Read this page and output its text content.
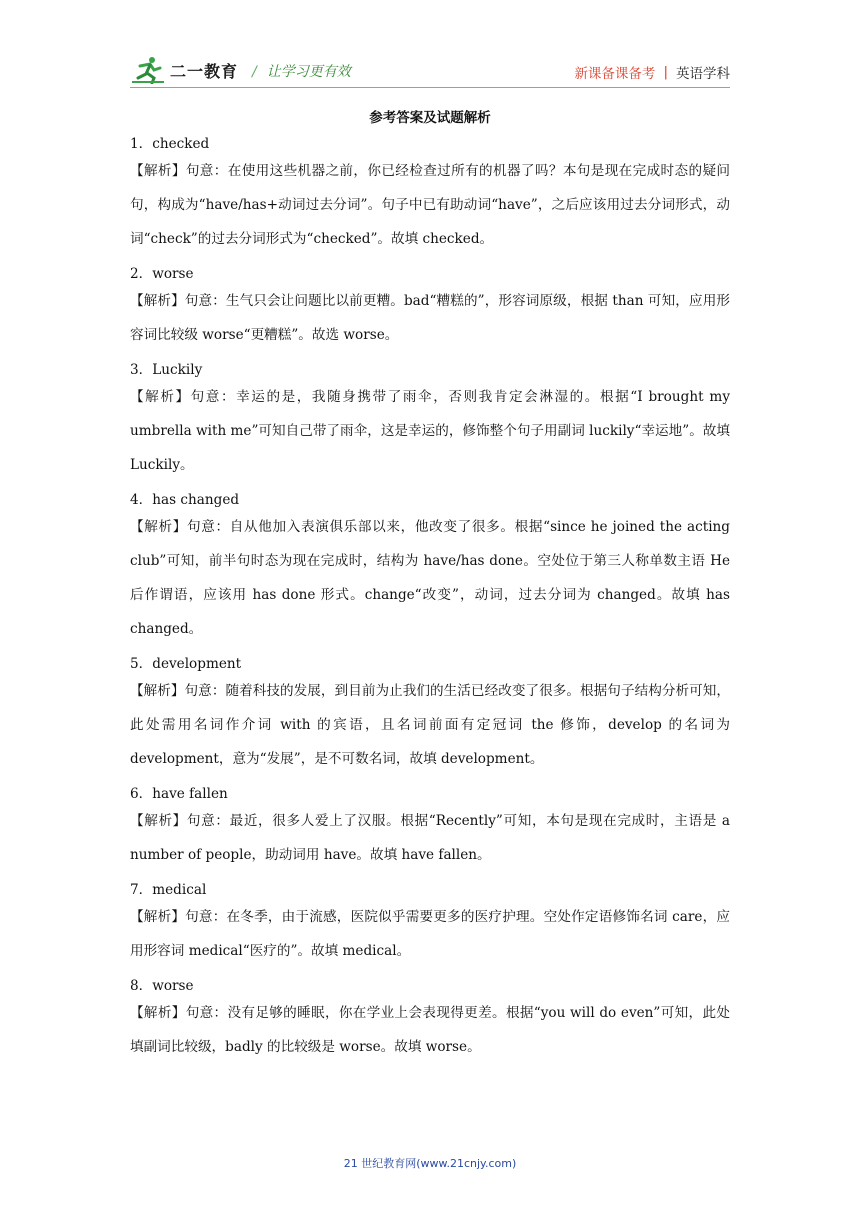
二一教育 / 让学习更有效	新课备课备考 | 英语学科
参考答案及试题解析

1．checked

【解析】句意：在使用这些机器之前，你已经检查过所有的机器了吗？本句是现在完成时态的疑问句，构成为“have/has+动词过去分词”。句子中已有助动词“have”，之后应该用过去分词形式，动词“check”的过去分词形式为“checked”。故填 checked。

2．worse

【解析】句意：生气只会让问题比以前更糟。bad“糟糕的”，形容词原级，根据 than 可知，应用形容词比较级 worse“更糟糕”。故选 worse。

3．Luckily

【解析】句意：幸运的是，我随身携带了雨伞，否则我肯定会淋湿的。根据“I brought my umbrella with me”可知自己带了雨伞，这是幸运的，修饰整个句子用副词 luckily“幸运地”。故填 Luckily。

4．has changed

【解析】句意：自从他加入表演俱乐部以来，他改变了很多。根据“since he joined the acting club”可知，前半句时态为现在完成时，结构为 have/has done。空处位于第三人称单数主语 He 后作谓语，应该用 has done 形式。change“改变”，动词，过去分词为 changed。故填 has changed。

5．development

【解析】句意：随着科技的发展，到目前为止我们的生活已经改变了很多。根据句子结构分析可知，此处需用名词作介词 with 的宾语，且名词前面有定冠词 the 修饰，develop 的名词为 development，意为“发展”，是不可数名词，故填 development。

6．have fallen

【解析】句意：最近，很多人爱上了汉服。根据“Recently”可知，本句是现在完成时，主语是 a number of people，助动词用 have。故填 have fallen。

7．medical

【解析】句意：在冬季，由于流感，医院似乎需要更多的医疗护理。空处作定语修饰名词 care，应用形容词 medical“医疗的”。故填 medical。

8．worse

【解析】句意：没有足够的睡眠，你在学业上会表现得更差。根据“you will do even”可知，此处填副词比较级，badly 的比较级是 worse。故填 worse。

21 世纪教育网(www.21cnjy.com)
